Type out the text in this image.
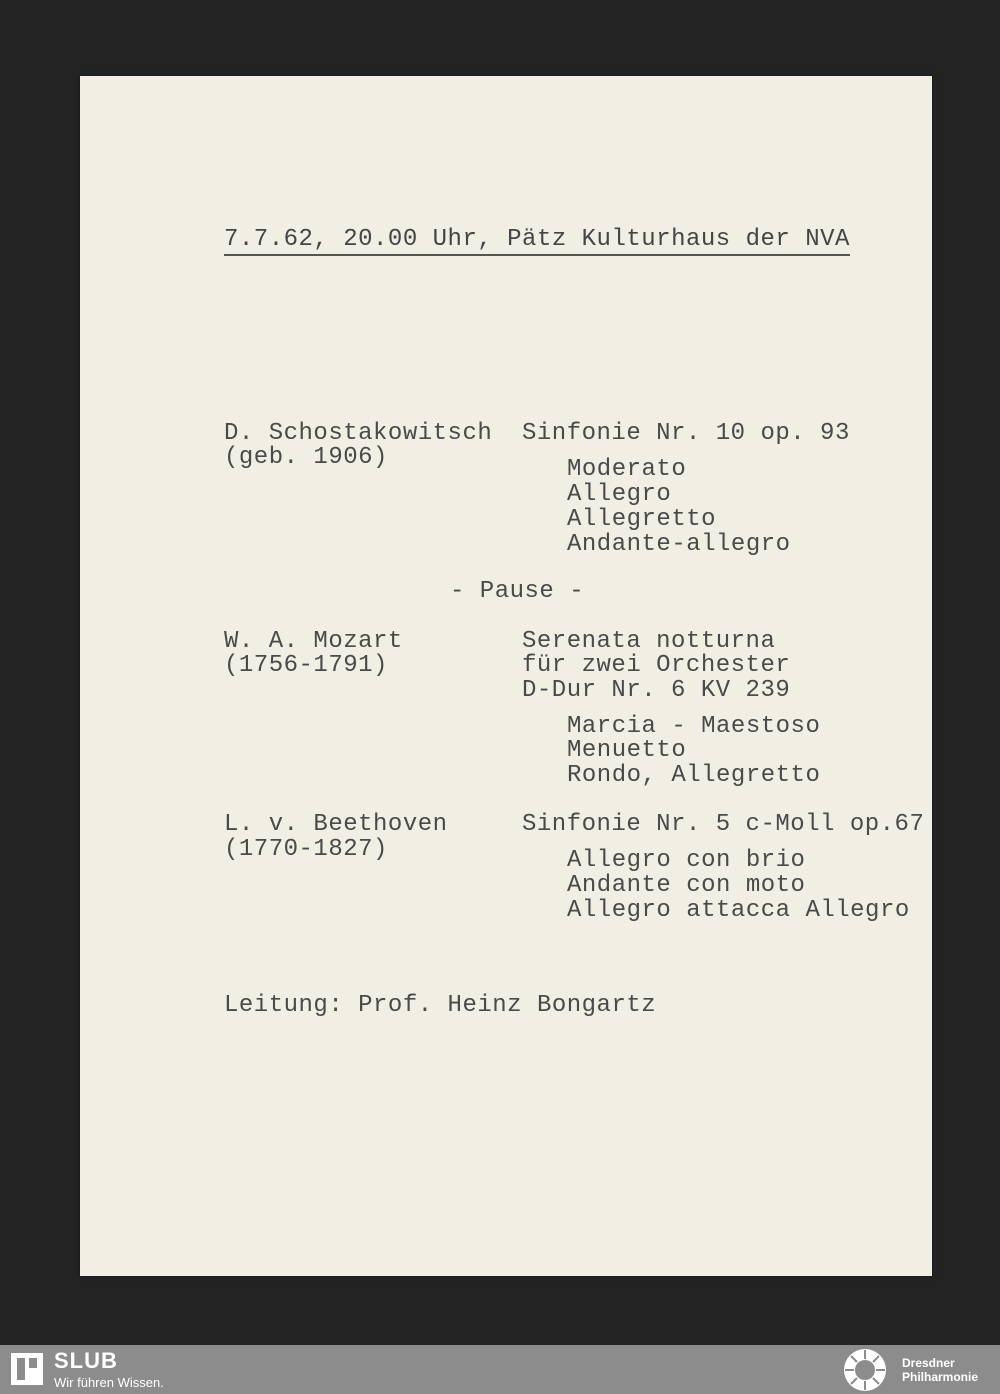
7.7.62, 20.00 Uhr, Pätz Kulturhaus der NVA
D. Schostakowitsch
(geb. 1906)
Sinfonie Nr. 10 op. 93
Moderato
Allegro
Allegretto
Andante-allegro
- Pause -
W. A. Mozart
(1756-1791)
Serenata notturna
für zwei Orchester
D-Dur Nr. 6 KV 239
Marcia - Maestoso
Menuetto
Rondo, Allegretto
L. v. Beethoven
(1770-1827)
Sinfonie Nr. 5 c-Moll op.67
Allegro con brio
Andante con moto
Allegro attacca Allegro
Leitung: Prof. Heinz Bongartz
SLUB
Wir führen Wissen.
Dresdner
Philharmonie
